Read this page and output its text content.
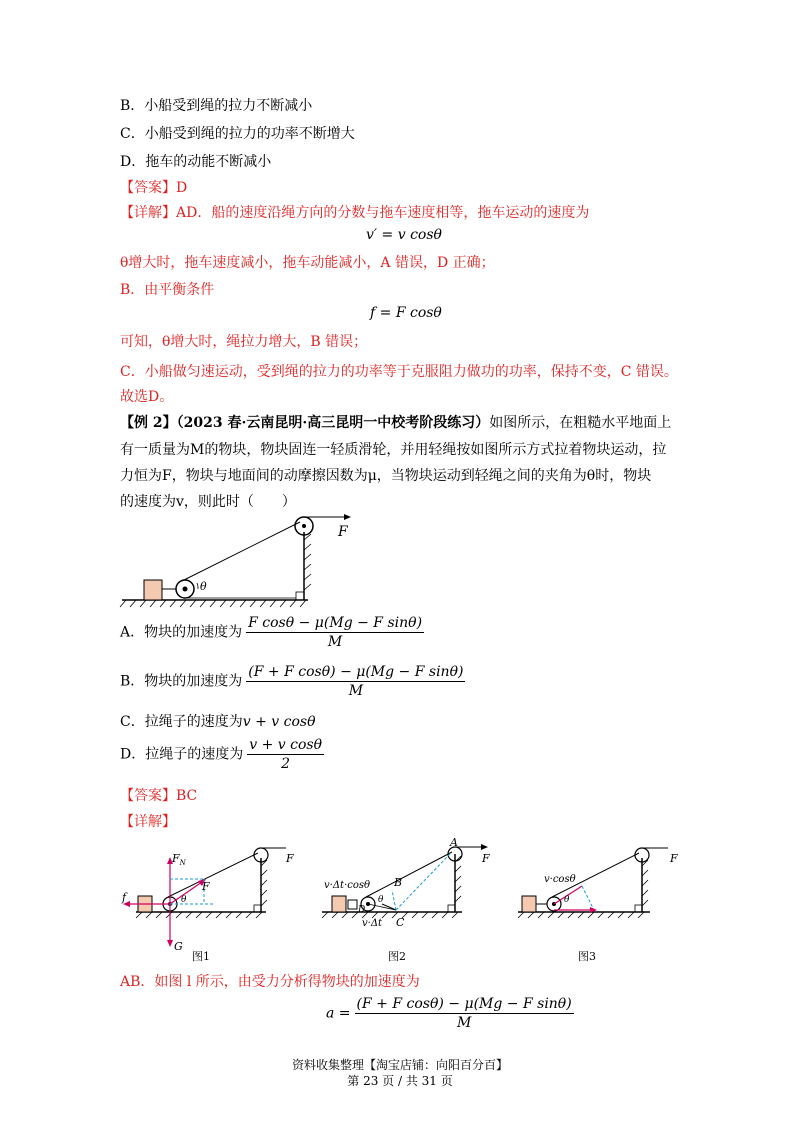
B．小船受到绳的拉力不断减小
C．小船受到绳的拉力的功率不断增大
D．拖车的动能不断减小
【答案】D
【详解】AD．船的速度沿绳方向的分数与拖车速度相等，拖车运动的速度为
v′ = v cosθ
θ增大时，拖车速度减小，拖车动能减小，A 错误，D 正确；
B．由平衡条件
f = F cosθ
可知，θ增大时，绳拉力增大，B 错误；
C．小船做匀速运动，受到绳的拉力的功率等于克服阻力做功的功率，保持不变，C 错误。
故选D。
【例 2】（2023 春·云南昆明·高三昆明一中校考阶段练习）如图所示，在粗糙水平地面上
有一质量为M的物块，物块固连一轻质滑轮，并用轻绳按如图所示方式拉着物块运动，拉
力恒为F，物块与地面间的动摩擦因数为μ，当物块运动到轻绳之间的夹角为θ时，物块
的速度为v，则此时（　　）
F
θ
A．物块的加速度为 $\frac{\text{F cosθ − μ(Mg − F sinθ)}}{M}$
B．物块的加速度为 $\frac{\text{(F + F cosθ) − μ(Mg − F sinθ)}}{M}$
C．拉绳子的速度为v + v cosθ
D．拉绳子的速度为 $\frac{\text{v + v cosθ}}{2}$
【答案】BC
【详解】
$F_N$
f
G
F
θ
F
图1
A
B
C
D
v·Δt·cosθ
v·Δt
θ
F
图2
v·cosθ
θ
F
图3
AB．如图 l 所示，由受力分析得物块的加速度为
$a = \frac{\text{(F + F cosθ) − μ(Mg − F sinθ)}}{M}$
资料收集整理【淘宝店铺：向阳百分百】
第 23 页 / 共 31 页
